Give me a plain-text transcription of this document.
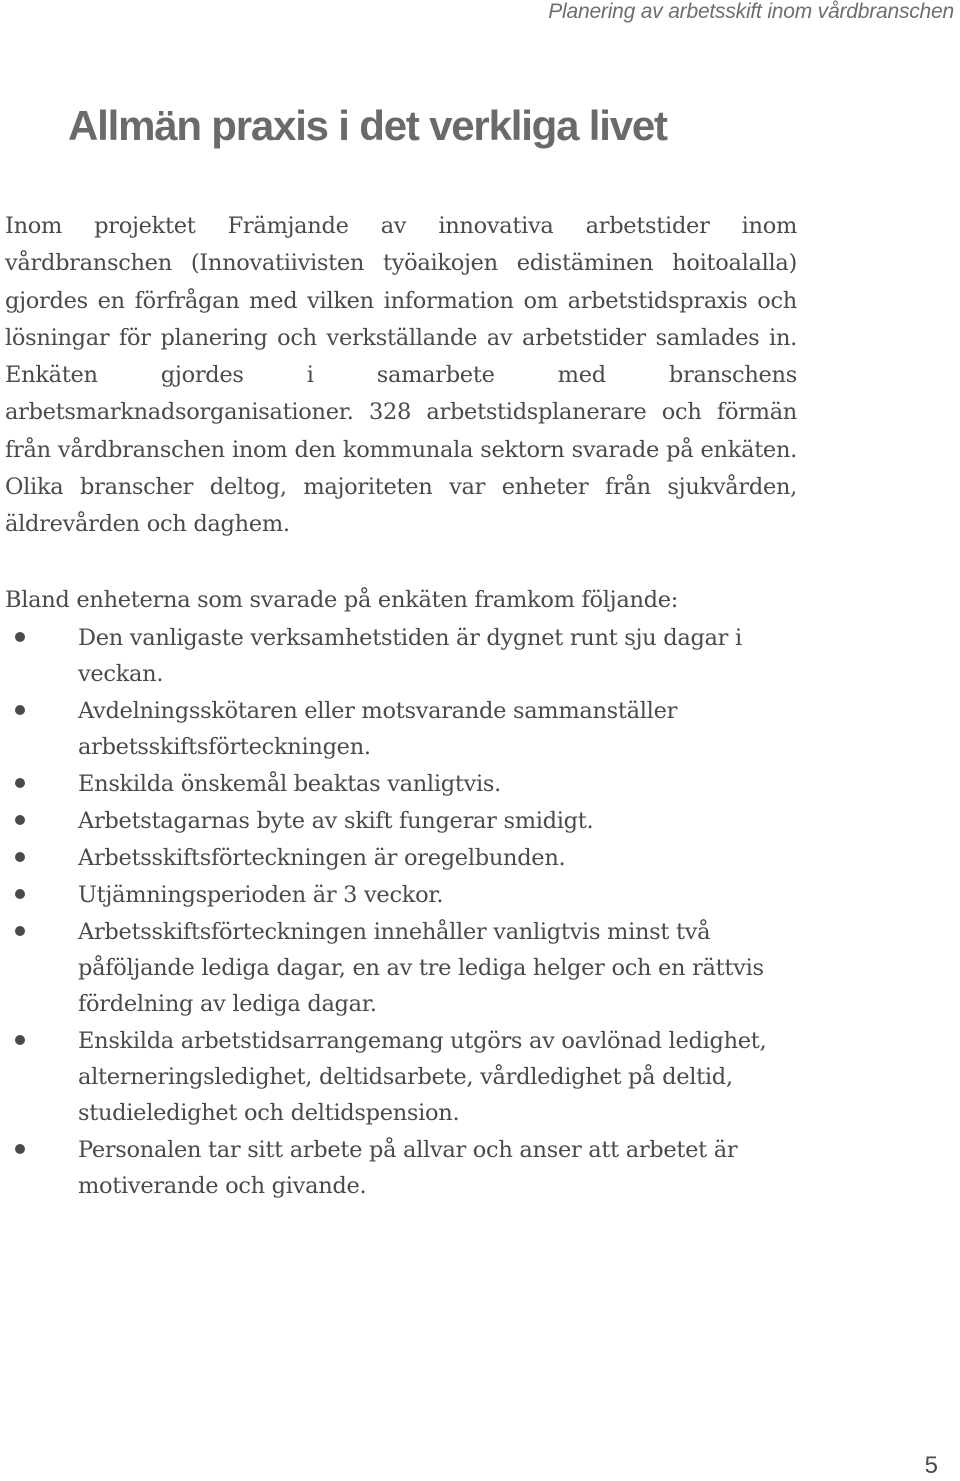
Planering av arbetsskift inom vårdbranschen
Allmän praxis i det verkliga livet

Inom projektet Främjande av innovativa arbetstider inom vårdbranschen (Innovatiivisten työaikojen edistäminen hoitoalalla) gjordes en förfrågan med vilken information om arbetstidspraxis och lösningar för planering och verkställande av arbetstider samlades in. Enkäten gjordes i samarbete med branschens arbetsmarknadsorganisationer. 328 arbetstidsplanerare och förmän från vårdbranschen inom den kommunala sektorn svarade på enkäten. Olika branscher deltog, majoriteten var enheter från sjukvården, äldrevården och daghem.

Bland enheterna som svarade på enkäten framkom följande:

Den vanligaste verksamhetstiden är dygnet runt sju dagar i veckan.
Avdelningsskötaren eller motsvarande sammanställer arbetsskiftsförteckningen.
Enskilda önskemål beaktas vanligtvis.
Arbetstagarnas byte av skift fungerar smidigt.
Arbetsskiftsförteckningen är oregelbunden.
Utjämningsperioden är 3 veckor.
Arbetsskiftsförteckningen innehåller vanligtvis minst två påföljande lediga dagar, en av tre lediga helger och en rättvis fördelning av lediga dagar.
Enskilda arbetstidsarrangemang utgörs av oavlönad ledighet, alterneringsledighet, deltidsarbete, vårdledighet på deltid, studieledighet och deltidspension.
Personalen tar sitt arbete på allvar och anser att arbetet är motiverande och givande.
5
